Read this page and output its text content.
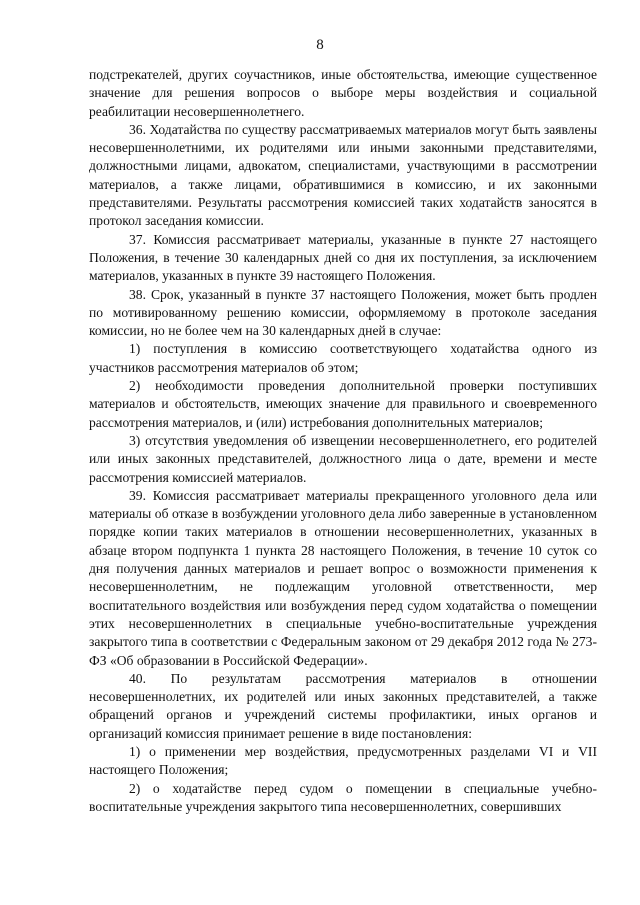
8

подстрекателей, других соучастников, иные обстоятельства, имеющие существенное значение для решения вопросов о выборе меры воздействия и социальной реабилитации несовершеннолетнего.

36. Ходатайства по существу рассматриваемых материалов могут быть заявлены несовершеннолетними, их родителями или иными законными представителями, должностными лицами, адвокатом, специалистами, участвующими в рассмотрении материалов, а также лицами, обратившимися в комиссию, и их законными представителями. Результаты рассмотрения комиссией таких ходатайств заносятся в протокол заседания комиссии.

37. Комиссия рассматривает материалы, указанные в пункте 27 настоящего Положения, в течение 30 календарных дней со дня их поступления, за исключением материалов, указанных в пункте 39 настоящего Положения.

38. Срок, указанный в пункте 37 настоящего Положения, может быть продлен по мотивированному решению комиссии, оформляемому в протоколе заседания комиссии, но не более чем на 30 календарных дней в случае:

1) поступления в комиссию соответствующего ходатайства одного из участников рассмотрения материалов об этом;

2) необходимости проведения дополнительной проверки поступивших материалов и обстоятельств, имеющих значение для правильного и своевременного рассмотрения материалов, и (или) истребования дополнительных материалов;

3) отсутствия уведомления об извещении несовершеннолетнего, его родителей или иных законных представителей, должностного лица о дате, времени и месте рассмотрения комиссией материалов.

39. Комиссия рассматривает материалы прекращенного уголовного дела или материалы об отказе в возбуждении уголовного дела либо заверенные в установленном порядке копии таких материалов в отношении несовершеннолетних, указанных в абзаце втором подпункта 1 пункта 28 настоящего Положения, в течение 10 суток со дня получения данных материалов и решает вопрос о возможности применения к несовершеннолетним, не подлежащим уголовной ответственности, мер воспитательного воздействия или возбуждения перед судом ходатайства о помещении этих несовершеннолетних в специальные учебно-воспитательные учреждения закрытого типа в соответствии с Федеральным законом от 29 декабря 2012 года № 273-ФЗ «Об образовании в Российской Федерации».

40. По результатам рассмотрения материалов в отношении несовершеннолетних, их родителей или иных законных представителей, а также обращений органов и учреждений системы профилактики, иных органов и организаций комиссия принимает решение в виде постановления:

1) о применении мер воздействия, предусмотренных разделами VI и VII настоящего Положения;

2) о ходатайстве перед судом о помещении в специальные учебно-воспитательные учреждения закрытого типа несовершеннолетних, совершивших
